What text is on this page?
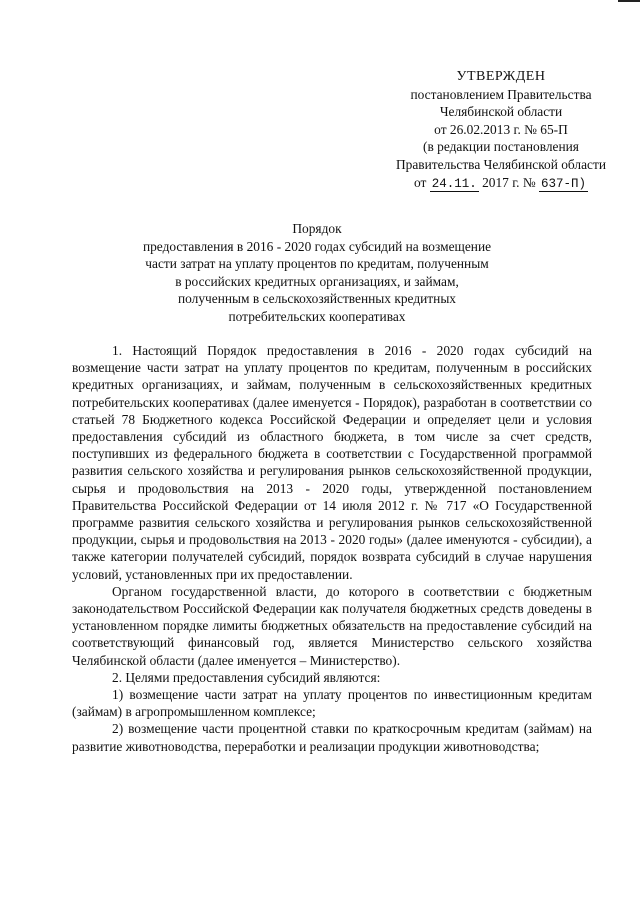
УТВЕРЖДЕН
постановлением Правительства
Челябинской области
от 26.02.2013 г. № 65-П
(в редакции постановления
Правительства Челябинской области
от 24.11. 2017 г. № 637-П)
Порядок
предоставления в 2016 - 2020 годах субсидий на возмещение
части затрат на уплату процентов по кредитам, полученным
в российских кредитных организациях, и займам,
полученным в сельскохозяйственных кредитных
потребительских кооперативах

1. Настоящий Порядок предоставления в 2016 - 2020 годах субсидий на возмещение части затрат на уплату процентов по кредитам, полученным в российских кредитных организациях, и займам, полученным в сельскохозяйственных кредитных потребительских кооперативах (далее именуется - Порядок), разработан в соответствии со статьей 78 Бюджетного кодекса Российской Федерации и определяет цели и условия предоставления субсидий из областного бюджета, в том числе за счет средств, поступивших из федерального бюджета в соответствии с Государственной программой развития сельского хозяйства и регулирования рынков сельскохозяйственной продукции, сырья и продовольствия на 2013 - 2020 годы, утвержденной постановлением Правительства Российской Федерации от 14 июля 2012 г. № 717 «О Государственной программе развития сельского хозяйства и регулирования рынков сельскохозяйственной продукции, сырья и продовольствия на 2013 - 2020 годы» (далее именуются - субсидии), а также категории получателей субсидий, порядок возврата субсидий в случае нарушения условий, установленных при их предоставлении.

Органом государственной власти, до которого в соответствии с бюджетным законодательством Российской Федерации как получателя бюджетных средств доведены в установленном порядке лимиты бюджетных обязательств на предоставление субсидий на соответствующий финансовый год, является Министерство сельского хозяйства Челябинской области (далее именуется – Министерство).

2. Целями предоставления субсидий являются:

1) возмещение части затрат на уплату процентов по инвестиционным кредитам (займам) в агропромышленном комплексе;

2) возмещение части процентной ставки по краткосрочным кредитам (займам) на развитие животноводства, переработки и реализации продукции животноводства;
